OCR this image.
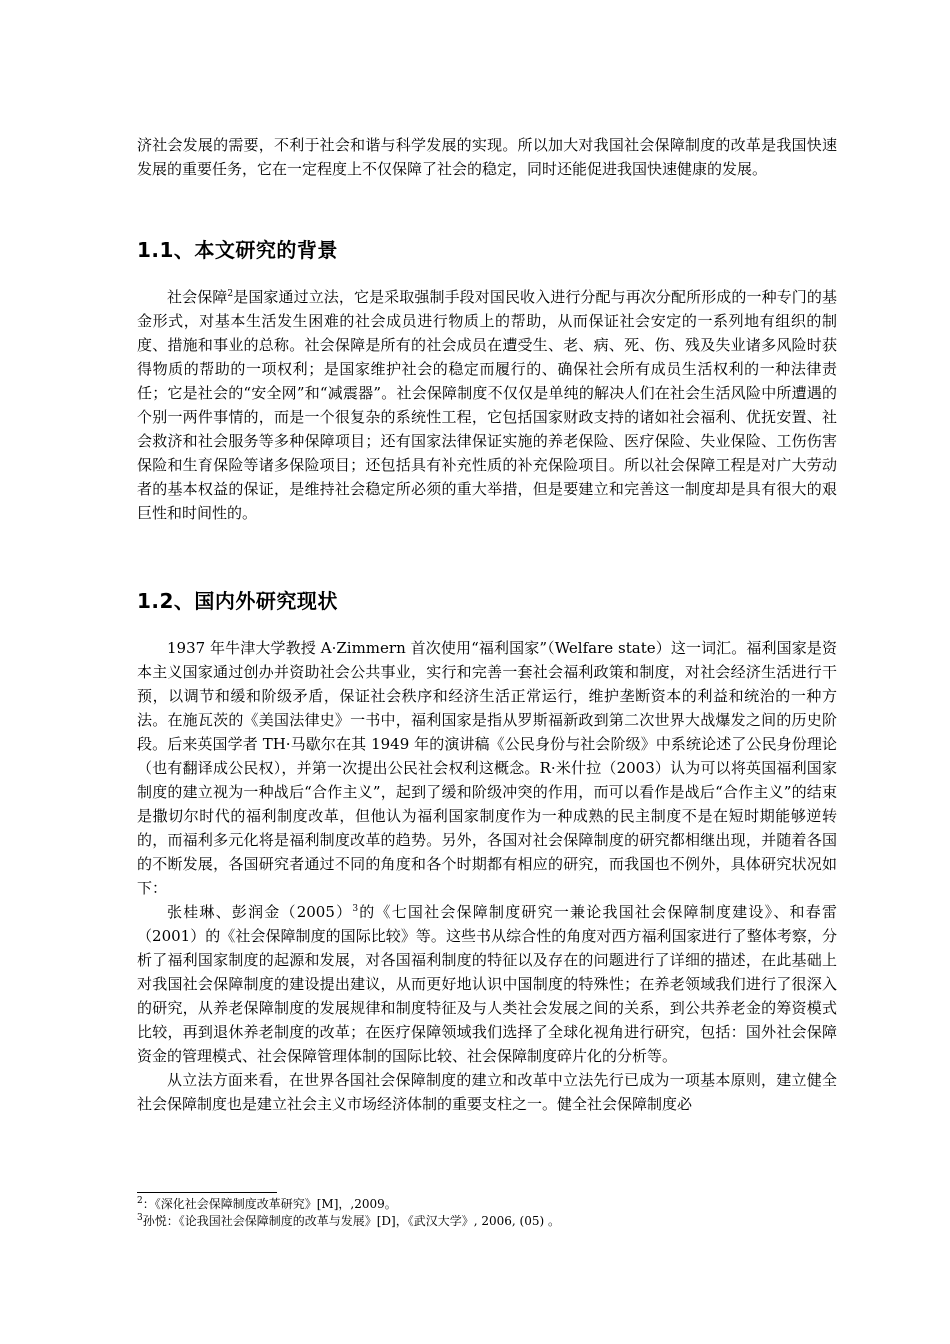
济社会发展的需要，不利于社会和谐与科学发展的实现。所以加大对我国社会保障制度的改革是我国快速发展的重要任务，它在一定程度上不仅保障了社会的稳定，同时还能促进我国快速健康的发展。

1.1、本文研究的背景

社会保障$^2$是国家通过立法，它是采取强制手段对国民收入进行分配与再次分配所形成的一种专门的基金形式，对基本生活发生困难的社会成员进行物质上的帮助，从而保证社会安定的一系列地有组织的制度、措施和事业的总称。社会保障是所有的社会成员在遭受生、老、病、死、伤、残及失业诸多风险时获得物质的帮助的一项权利；是国家维护社会的稳定而履行的、确保社会所有成员生活权利的一种法律责任；它是社会的“安全网”和“减震器”。社会保障制度不仅仅是单纯的解决人们在社会生活风险中所遭遇的个别一两件事情的，而是一个很复杂的系统性工程，它包括国家财政支持的诸如社会福利、优抚安置、社会救济和社会服务等多种保障项目；还有国家法律保证实施的养老保险、医疗保险、失业保险、工伤伤害保险和生育保险等诸多保险项目；还包括具有补充性质的补充保险项目。所以社会保障工程是对广大劳动者的基本权益的保证，是维持社会稳定所必须的重大举措，但是要建立和完善这一制度却是具有很大的艰巨性和时间性的。

1.2、国内外研究现状

1937 年牛津大学教授 A·Zimmern 首次使用“福利国家”（Welfare state）这一词汇。福利国家是资本主义国家通过创办并资助社会公共事业，实行和完善一套社会福利政策和制度，对社会经济生活进行干预，以调节和缓和阶级矛盾，保证社会秩序和经济生活正常运行，维护垄断资本的利益和统治的一种方法。在施瓦茨的《美国法律史》一书中，福利国家是指从罗斯福新政到第二次世界大战爆发之间的历史阶段。后来英国学者 TH·马歇尔在其 1949 年的演讲稿《公民身份与社会阶级》中系统论述了公民身份理论（也有翻译成公民权），并第一次提出公民社会权利这概念。R·米什拉（2003）认为可以将英国福利国家制度的建立视为一种战后“合作主义”，起到了缓和阶级冲突的作用，而可以看作是战后“合作主义”的结束是撒切尔时代的福利制度改革，但他认为福利国家制度作为一种成熟的民主制度不是在短时期能够逆转的，而福利多元化将是福利制度改革的趋势。另外，各国对社会保障制度的研究都相继出现，并随着各国的不断发展，各国研究者通过不同的角度和各个时期都有相应的研究，而我国也不例外，具体研究状况如下：

张桂琳、彭润金$(2005)^3$的《七国社会保障制度研究一兼论我国社会保障制度建设》、和春雷（2001）的《社会保障制度的国际比较》等。这些书从综合性的角度对西方福利国家进行了整体考察，分析了福利国家制度的起源和发展，对各国福利制度的特征以及存在的问题进行了详细的描述，在此基础上对我国社会保障制度的建设提出建议，从而更好地认识中国制度的特殊性；在养老领域我们进行了很深入的研究，从养老保障制度的发展规律和制度特征及与人类社会发展之间的关系，到公共养老金的筹资模式比较，再到退休养老制度的改革；在医疗保障领域我们选择了全球化视角进行研究，包括：国外社会保障资金的管理模式、社会保障管理体制的国际比较、社会保障制度碎片化的分析等。

从立法方面来看，在世界各国社会保障制度的建立和改革中立法先行已成为一项基本原则，建立健全社会保障制度也是建立社会主义市场经济体制的重要支柱之一。健全社会保障制度必

$^2$：《深化社会保障制度改革研究》[M]，,2009。
$^3$孙悦：《论我国社会保障制度的改革与发展》[D]，《武汉大学》, 2006, (05) 。
